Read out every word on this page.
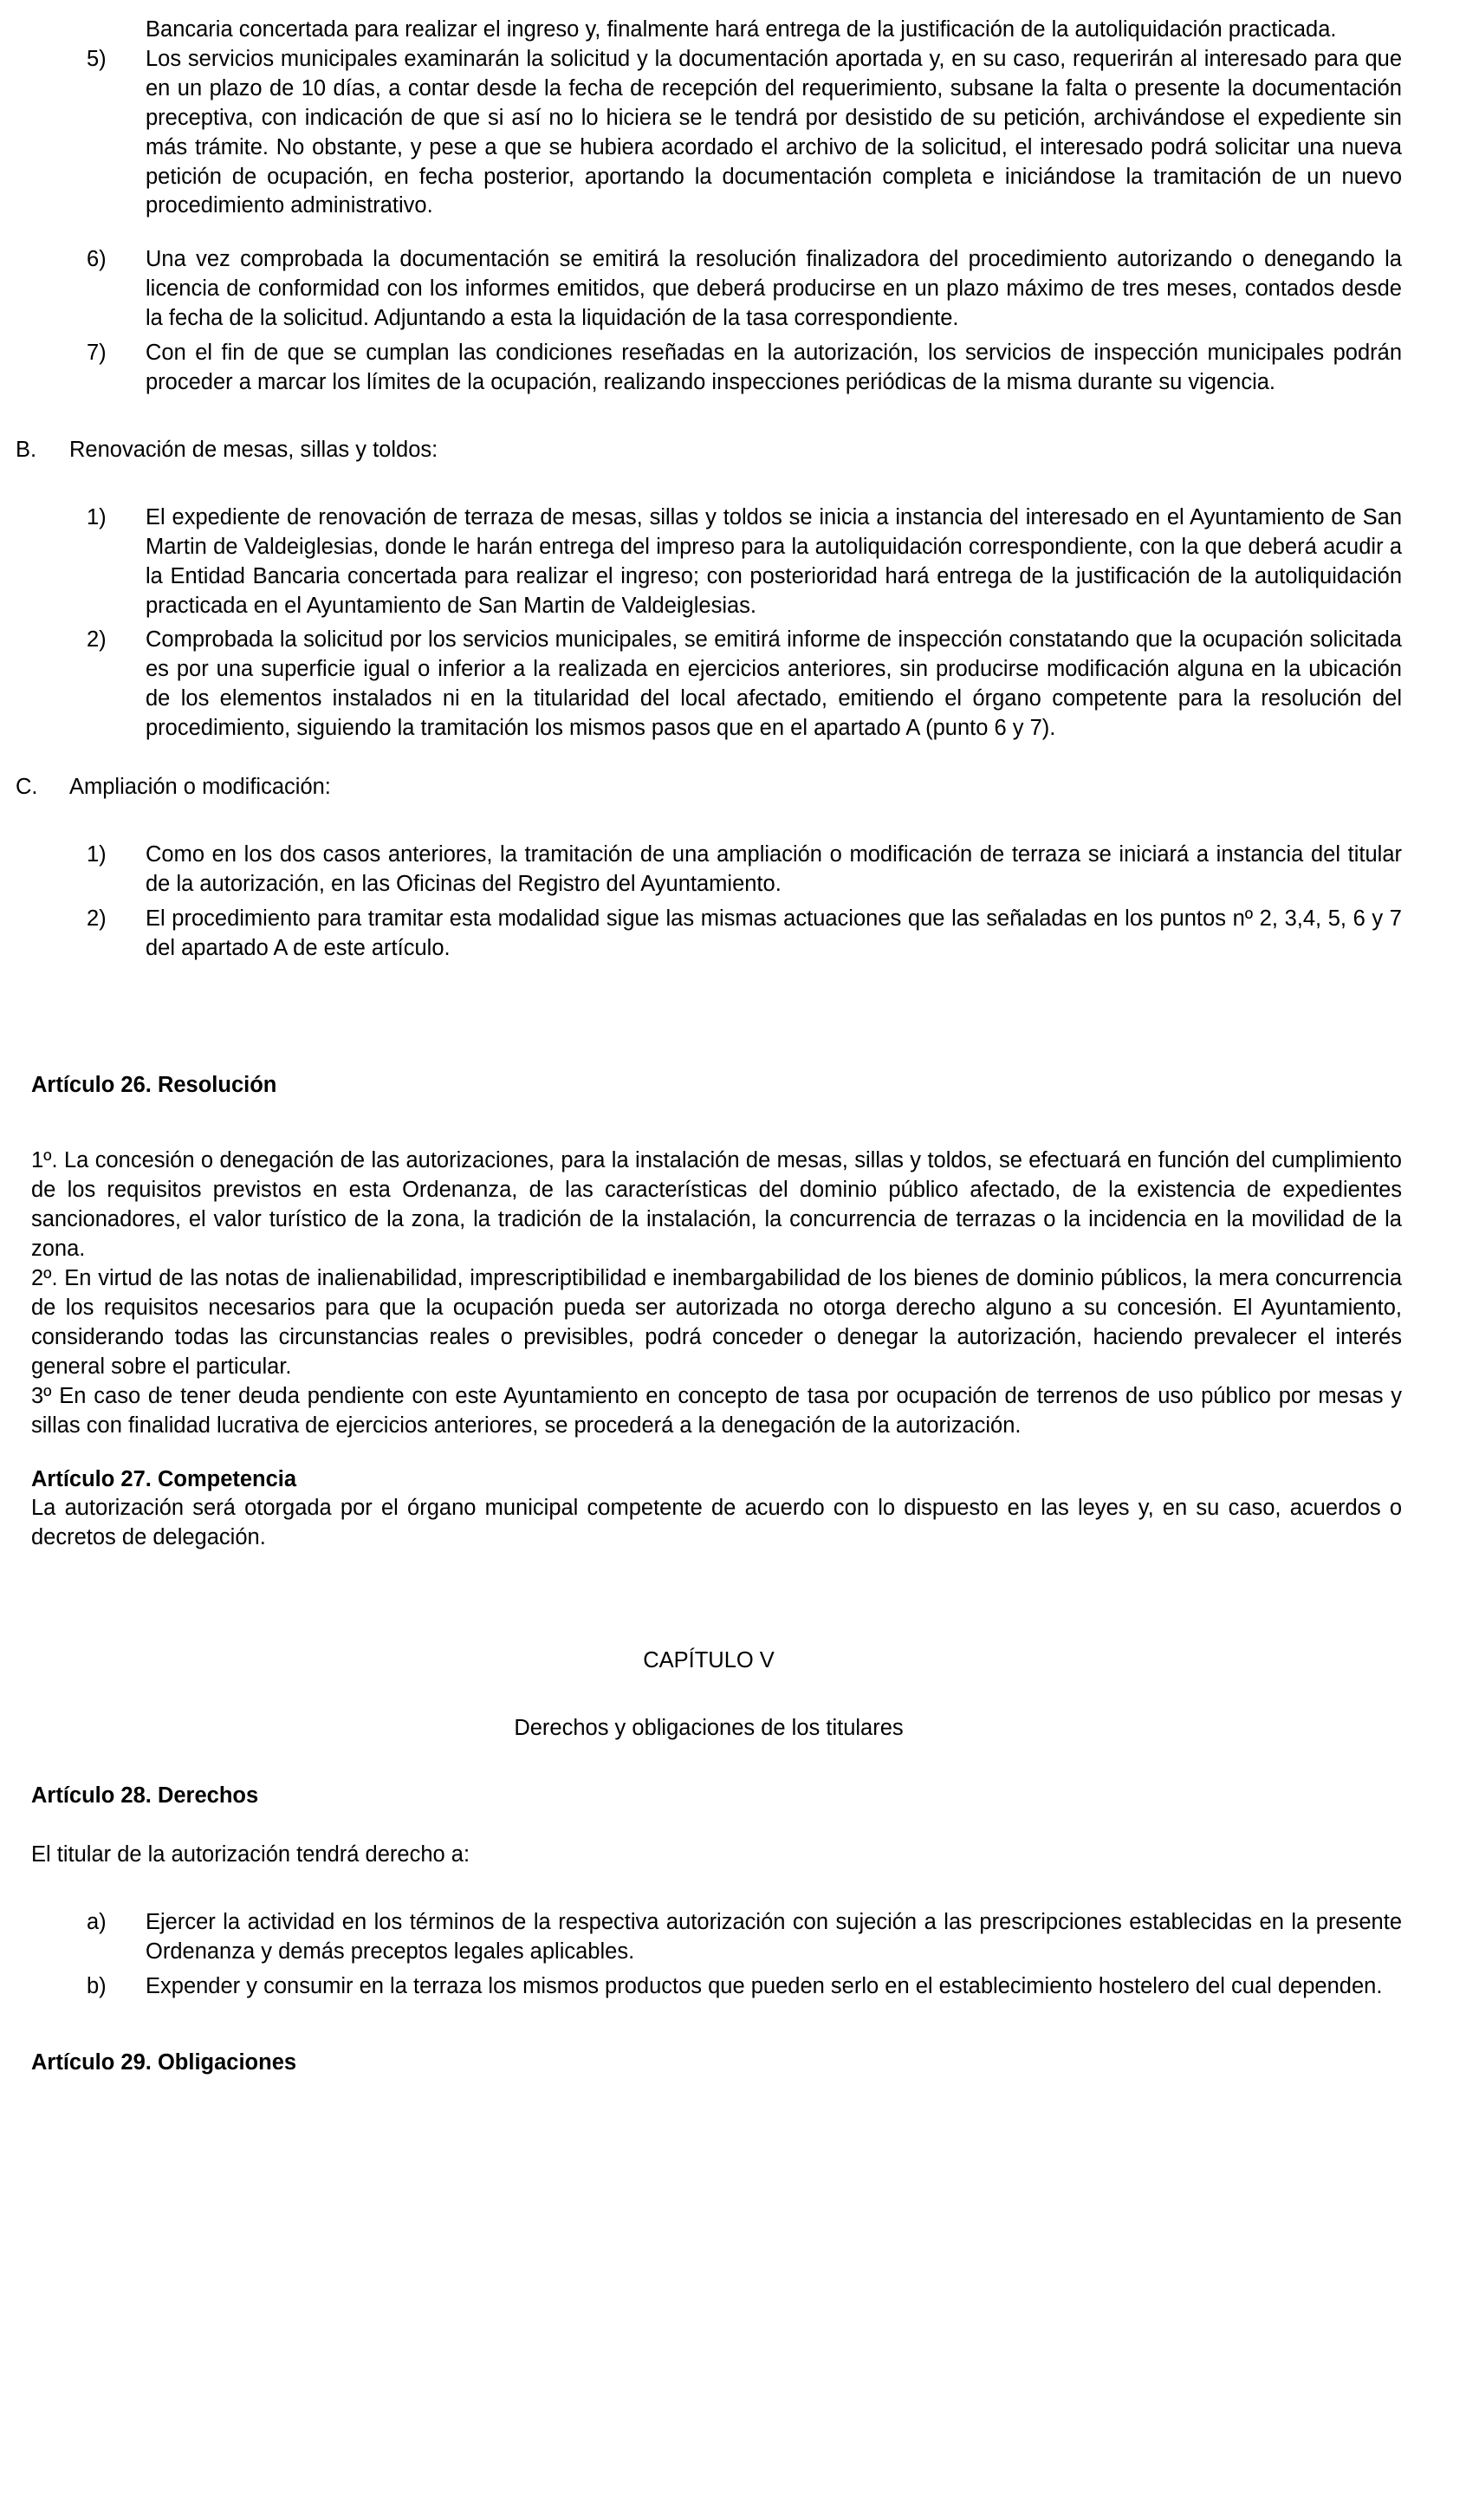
Bancaria concertada para realizar el ingreso y, finalmente hará entrega de la justificación de la autoliquidación practicada.
5)	Los servicios municipales examinarán la solicitud y la documentación aportada y, en su caso, requerirán al interesado para que en un plazo de 10 días, a contar desde la fecha de recepción del requerimiento, subsane la falta o presente la documentación preceptiva, con indicación de que si así no lo hiciera se le tendrá por desistido de su petición, archivándose el expediente sin más trámite. No obstante, y pese a que se hubiera acordado el archivo de la solicitud, el interesado podrá solicitar una nueva petición de ocupación, en fecha posterior, aportando la documentación completa e iniciándose la tramitación de un nuevo procedimiento administrativo.
6)	Una vez comprobada la documentación se emitirá la resolución finalizadora del procedimiento autorizando o denegando la licencia de conformidad con los informes emitidos, que deberá producirse en un plazo máximo de tres meses, contados desde la fecha de la solicitud. Adjuntando a esta la liquidación de la tasa correspondiente.
7)	Con el fin de que se cumplan las condiciones reseñadas en la autorización, los servicios de inspección municipales podrán proceder a marcar los límites de la ocupación, realizando inspecciones periódicas de la misma durante su vigencia.
B.	Renovación de mesas, sillas y toldos:
1)	El expediente de renovación de terraza de mesas, sillas y toldos se inicia a instancia del interesado en el Ayuntamiento de San Martin de Valdeiglesias, donde le harán entrega del impreso para la autoliquidación correspondiente, con la que deberá acudir a la Entidad Bancaria concertada para realizar el ingreso; con posterioridad hará entrega de la justificación de la autoliquidación practicada en el Ayuntamiento de San Martin de Valdeiglesias.
2)	Comprobada la solicitud por los servicios municipales, se emitirá informe de inspección constatando que la ocupación solicitada es por una superficie igual o inferior a la realizada en ejercicios anteriores, sin producirse modificación alguna en la ubicación de los elementos instalados ni en la titularidad del local afectado, emitiendo el órgano competente para la resolución del procedimiento, siguiendo la tramitación los mismos pasos que en el apartado A (punto 6 y 7).
C.	Ampliación o modificación:
1)	Como en los dos casos anteriores, la tramitación de una ampliación o modificación de terraza se iniciará a instancia del titular de la autorización, en las Oficinas del Registro del Ayuntamiento.
2)	El procedimiento para tramitar esta modalidad sigue las mismas actuaciones que las señaladas en los puntos nº 2, 3,4, 5, 6 y 7 del apartado A de este artículo.
Artículo 26. Resolución
1º. La concesión o denegación de las autorizaciones, para la instalación de mesas, sillas y toldos, se efectuará en función del cumplimiento de los requisitos previstos en esta Ordenanza, de las características del dominio público afectado, de la existencia de expedientes sancionadores, el valor turístico de la zona, la tradición de la instalación, la concurrencia de terrazas o la incidencia en la movilidad de la zona.
2º. En virtud de las notas de inalienabilidad, imprescriptibilidad e inembargabilidad de los bienes de dominio públicos, la mera concurrencia de los requisitos necesarios para que la ocupación pueda ser autorizada no otorga derecho alguno a su concesión. El Ayuntamiento, considerando todas las circunstancias reales o previsibles, podrá conceder o denegar la autorización, haciendo prevalecer el interés general sobre el particular.
3º En caso de tener deuda pendiente con este Ayuntamiento en concepto de tasa por ocupación de terrenos de uso público por mesas y sillas con finalidad lucrativa de ejercicios anteriores, se procederá a la denegación de la autorización.
Artículo 27. Competencia
La autorización será otorgada por el órgano municipal competente de acuerdo con lo dispuesto en las leyes y, en su caso, acuerdos o decretos de delegación.
CAPÍTULO V
Derechos y obligaciones de los titulares
Artículo 28. Derechos
El titular de la autorización tendrá derecho a:
a)	Ejercer la actividad en los términos de la respectiva autorización con sujeción a las prescripciones establecidas en la presente Ordenanza y demás preceptos legales aplicables.
b)	Expender y consumir en la terraza los mismos productos que pueden serlo en el establecimiento hostelero del cual dependen.
Artículo 29. Obligaciones
